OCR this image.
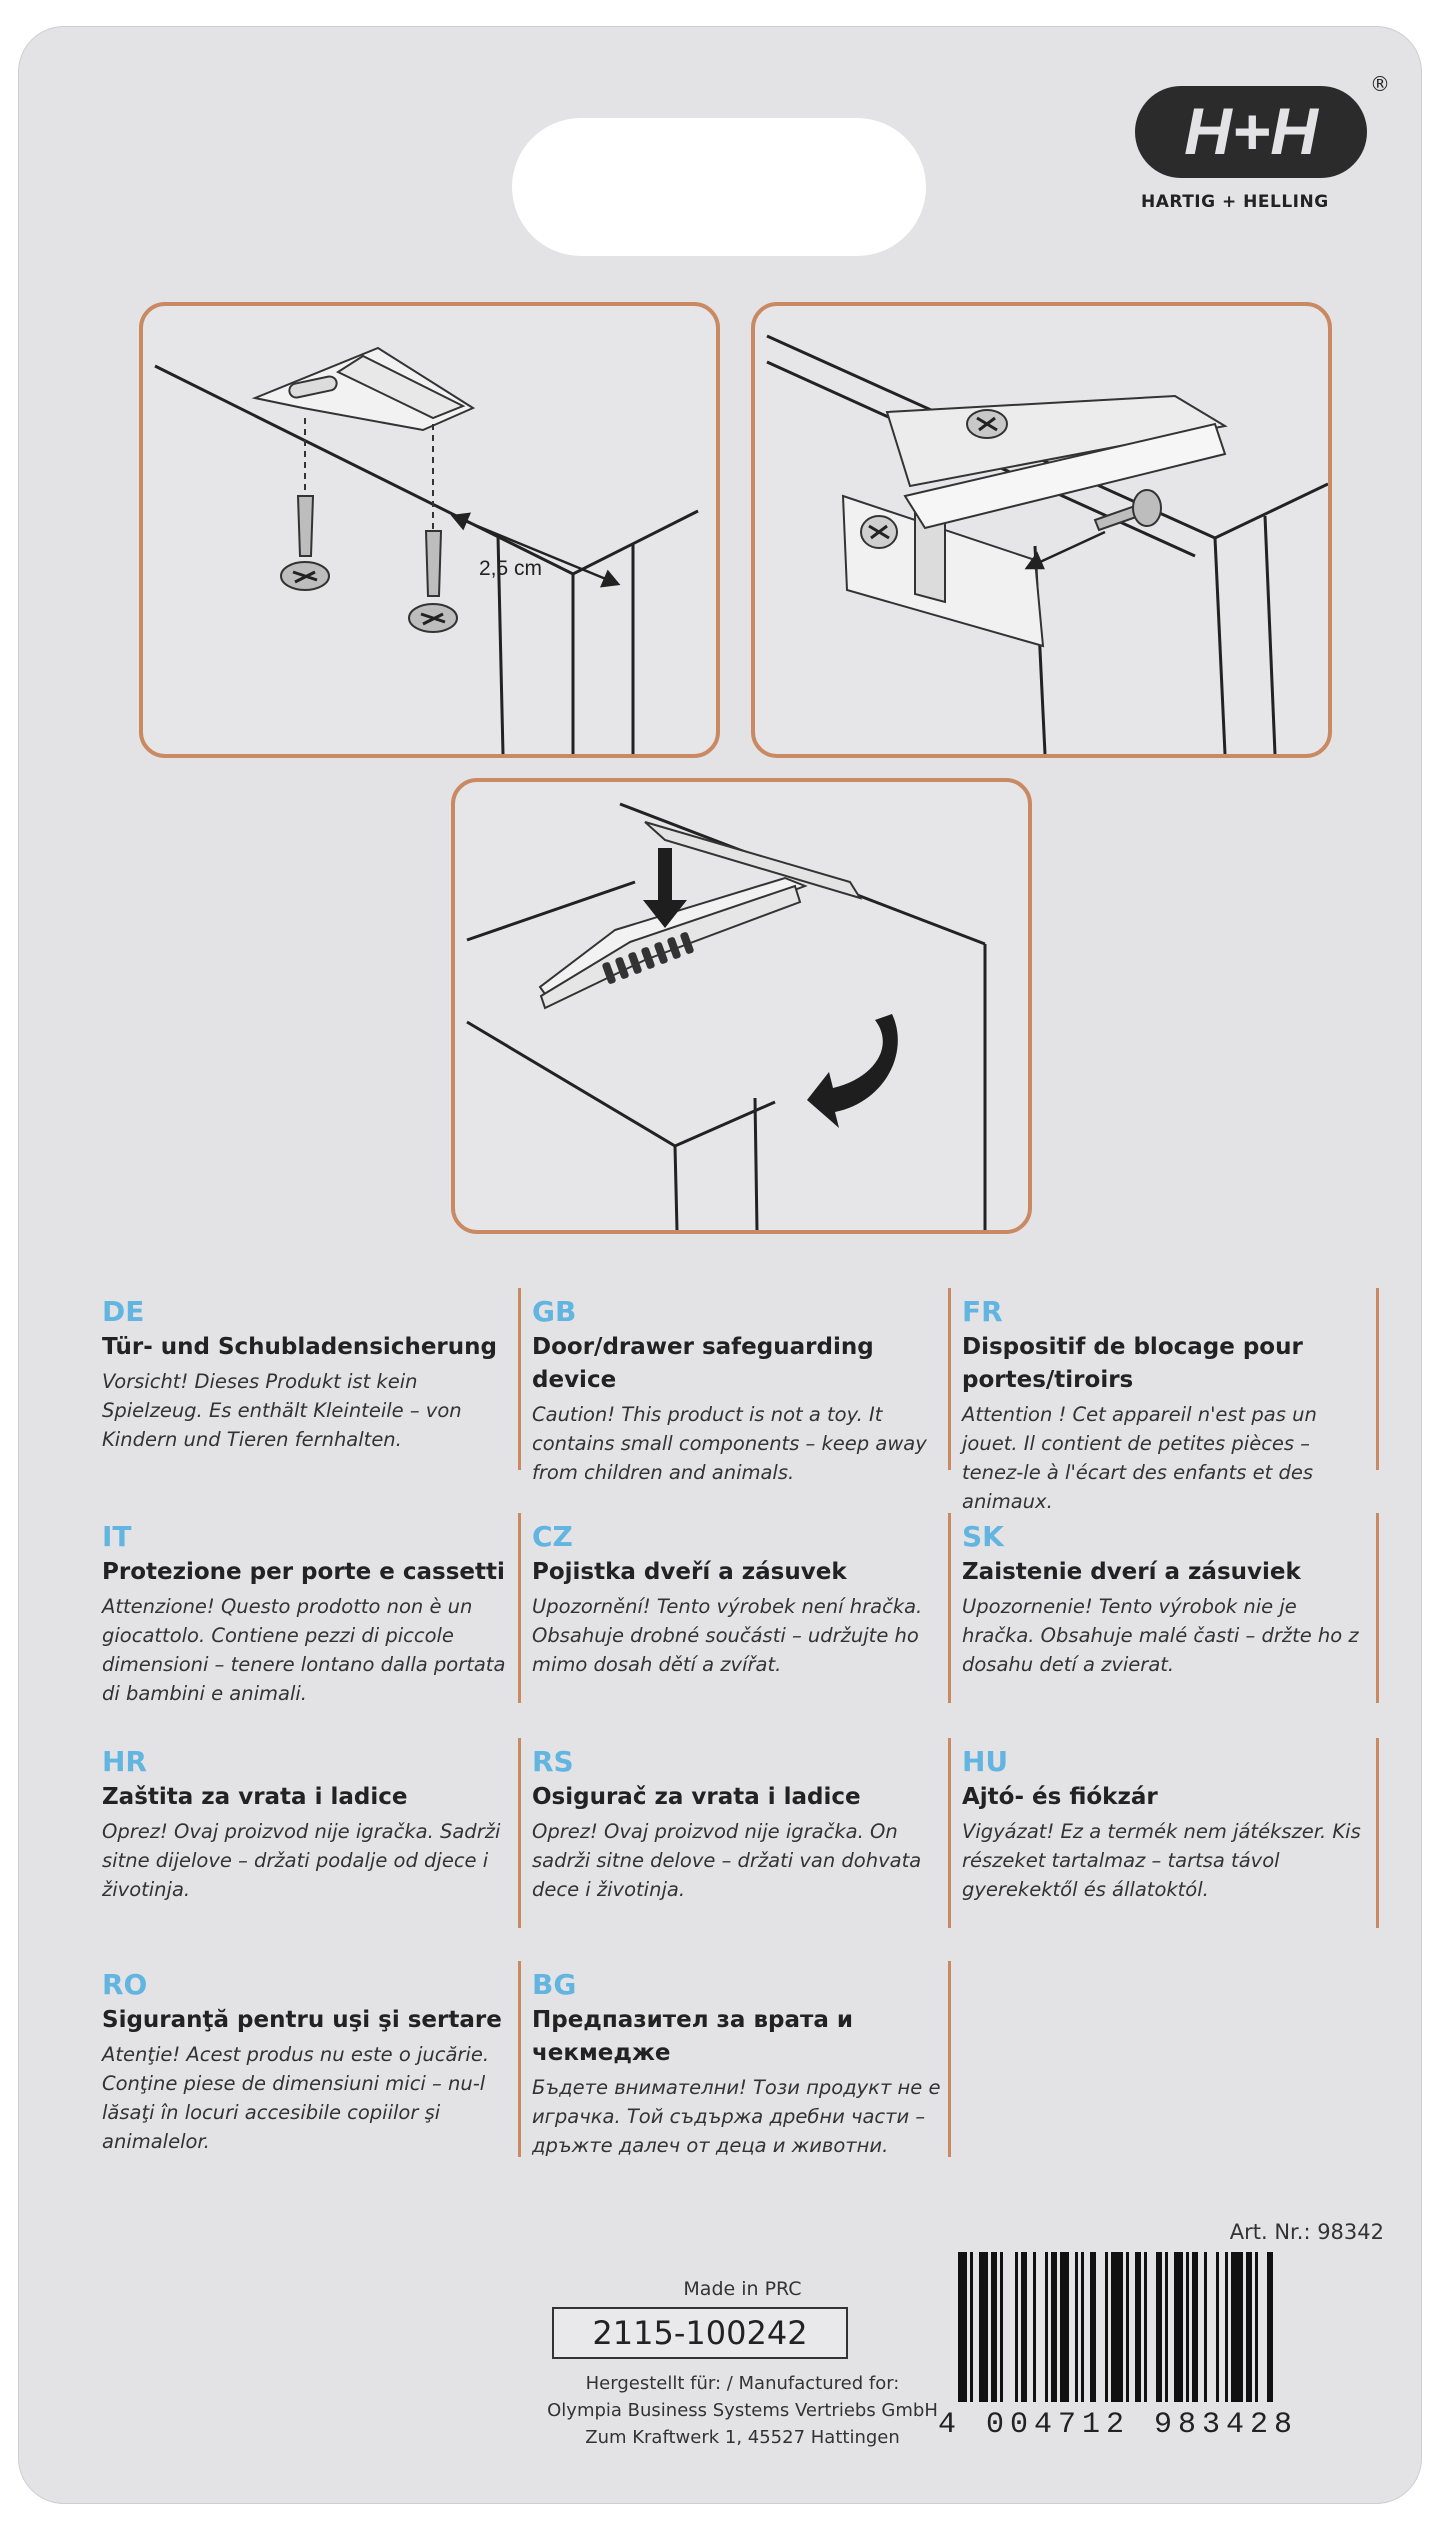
H+H
®
HARTIG + HELLING
2,5 cm
DE
Tür- und Schubladensicherung
Vorsicht! Dieses Produkt ist kein Spielzeug. Es enthält Kleinteile – von Kindern und Tieren fernhalten.
GB
Door/drawer safeguarding device
Caution! This product is not a toy. It contains small components – keep away from children and animals.
FR
Dispositif de blocage pour portes/tiroirs
Attention ! Cet appareil n'est pas un jouet. Il contient de petites pièces – tenez-le à l'écart des enfants et des animaux.
IT
Protezione per porte e cassetti
Attenzione! Questo prodotto non è un giocattolo. Contiene pezzi di piccole dimensioni – tenere lontano dalla portata di bambini e animali.
CZ
Pojistka dveří a zásuvek
Upozornění! Tento výrobek není hračka. Obsahuje drobné součásti – udržujte ho mimo dosah dětí a zvířat.
SK
Zaistenie dverí a zásuviek
Upozornenie! Tento výrobok nie je hračka. Obsahuje malé časti – držte ho z dosahu detí a zvierat.
HR
Zaštita za vrata i ladice
Oprez! Ovaj proizvod nije igračka. Sadrži sitne dijelove – držati podalje od djece i životinja.
RS
Osigurač za vrata i ladice
Oprez! Ovaj proizvod nije igračka. On sadrži sitne delove – držati van dohvata dece i životinja.
HU
Ajtó- és fiókzár
Vigyázat! Ez a termék nem játékszer. Kis részeket tartalmaz – tartsa távol gyerekektől és állatoktól.
RO
Siguranţă pentru uşi şi sertare
Atenţie! Acest produs nu este o jucărie. Conţine piese de dimensiuni mici – nu-l lăsaţi în locuri accesibile copiilor şi animalelor.
BG
Предпазител за врата и чекмедже
Бъдете внимателни! Този продукт не е играчка. Той съдържа дребни части – дръжте далеч от деца и животни.
Art. Nr.: 98342
Made in PRC
2115-100242
Hergestellt für: / Manufactured for:
Olympia Business Systems Vertriebs GmbH
Zum Kraftwerk 1, 45527 Hattingen	4 004712 983428
